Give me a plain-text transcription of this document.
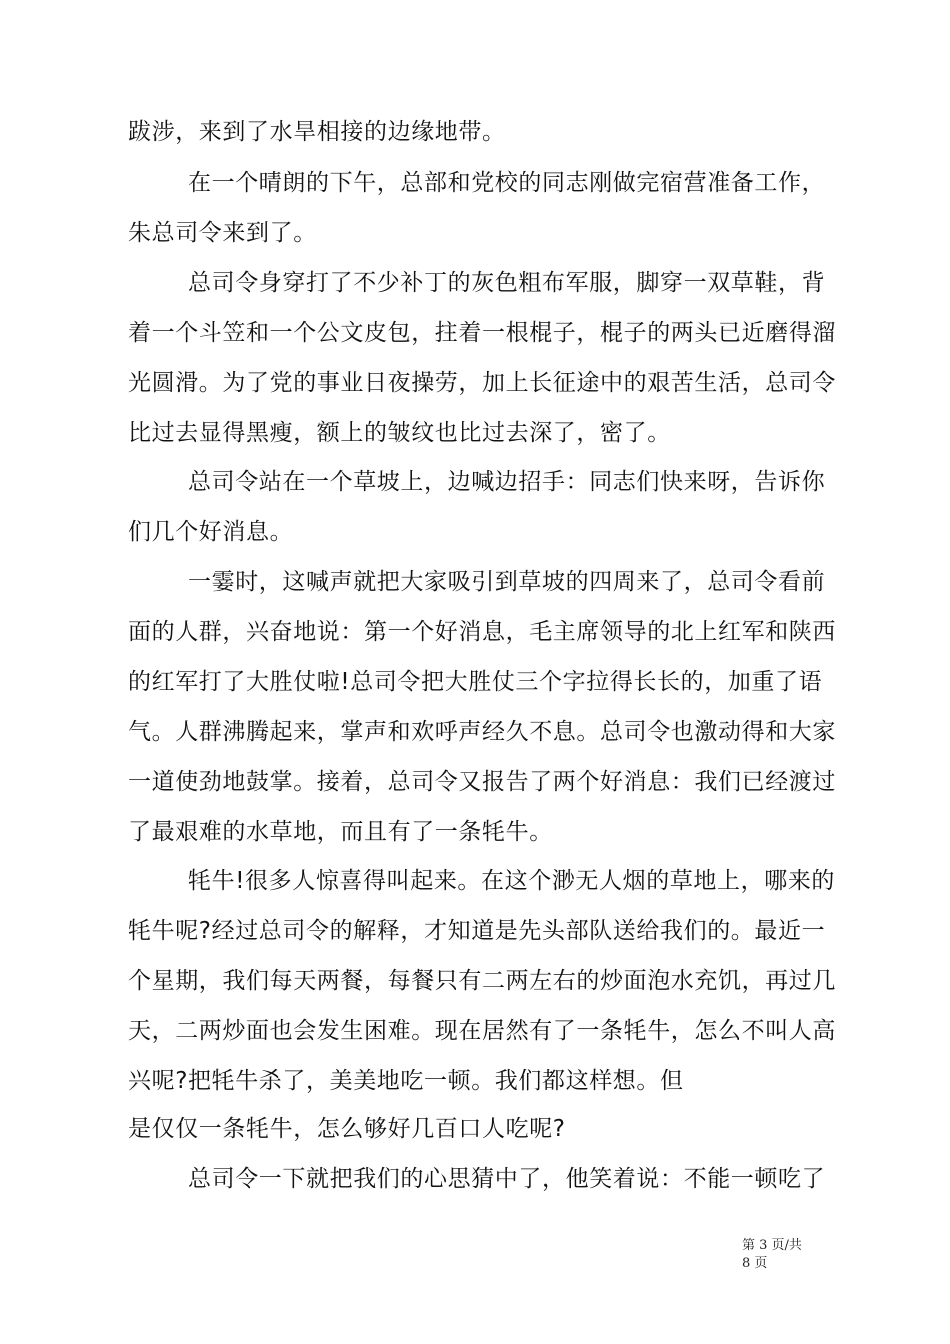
跋涉，来到了水旱相接的边缘地带。
在一个晴朗的下午，总部和党校的同志刚做完宿营准备工作，
朱总司令来到了。
总司令身穿打了不少补丁的灰色粗布军服，脚穿一双草鞋，背
着一个斗笠和一个公文皮包，拄着一根棍子，棍子的两头已近磨得溜
光圆滑。为了党的事业日夜操劳，加上长征途中的艰苦生活，总司令
比过去显得黑瘦，额上的皱纹也比过去深了，密了。
总司令站在一个草坡上，边喊边招手：同志们快来呀，告诉你
们几个好消息。
一霎时，这喊声就把大家吸引到草坡的四周来了，总司令看前
面的人群，兴奋地说：第一个好消息，毛主席领导的北上红军和陕西
的红军打了大胜仗啦!总司令把大胜仗三个字拉得长长的，加重了语
气。人群沸腾起来，掌声和欢呼声经久不息。总司令也激动得和大家
一道使劲地鼓掌。接着，总司令又报告了两个好消息：我们已经渡过
了最艰难的水草地，而且有了一条牦牛。
牦牛!很多人惊喜得叫起来。在这个渺无人烟的草地上，哪来的
牦牛呢?经过总司令的解释，才知道是先头部队送给我们的。最近一
个星期，我们每天两餐，每餐只有二两左右的炒面泡水充饥，再过几
天，二两炒面也会发生困难。现在居然有了一条牦牛，怎么不叫人高
兴呢?把牦牛杀了，美美地吃一顿。我们都这样想。但
是仅仅一条牦牛，怎么够好几百口人吃呢?
总司令一下就把我们的心思猜中了，他笑着说：不能一顿吃了
第 3 页/共
8 页
